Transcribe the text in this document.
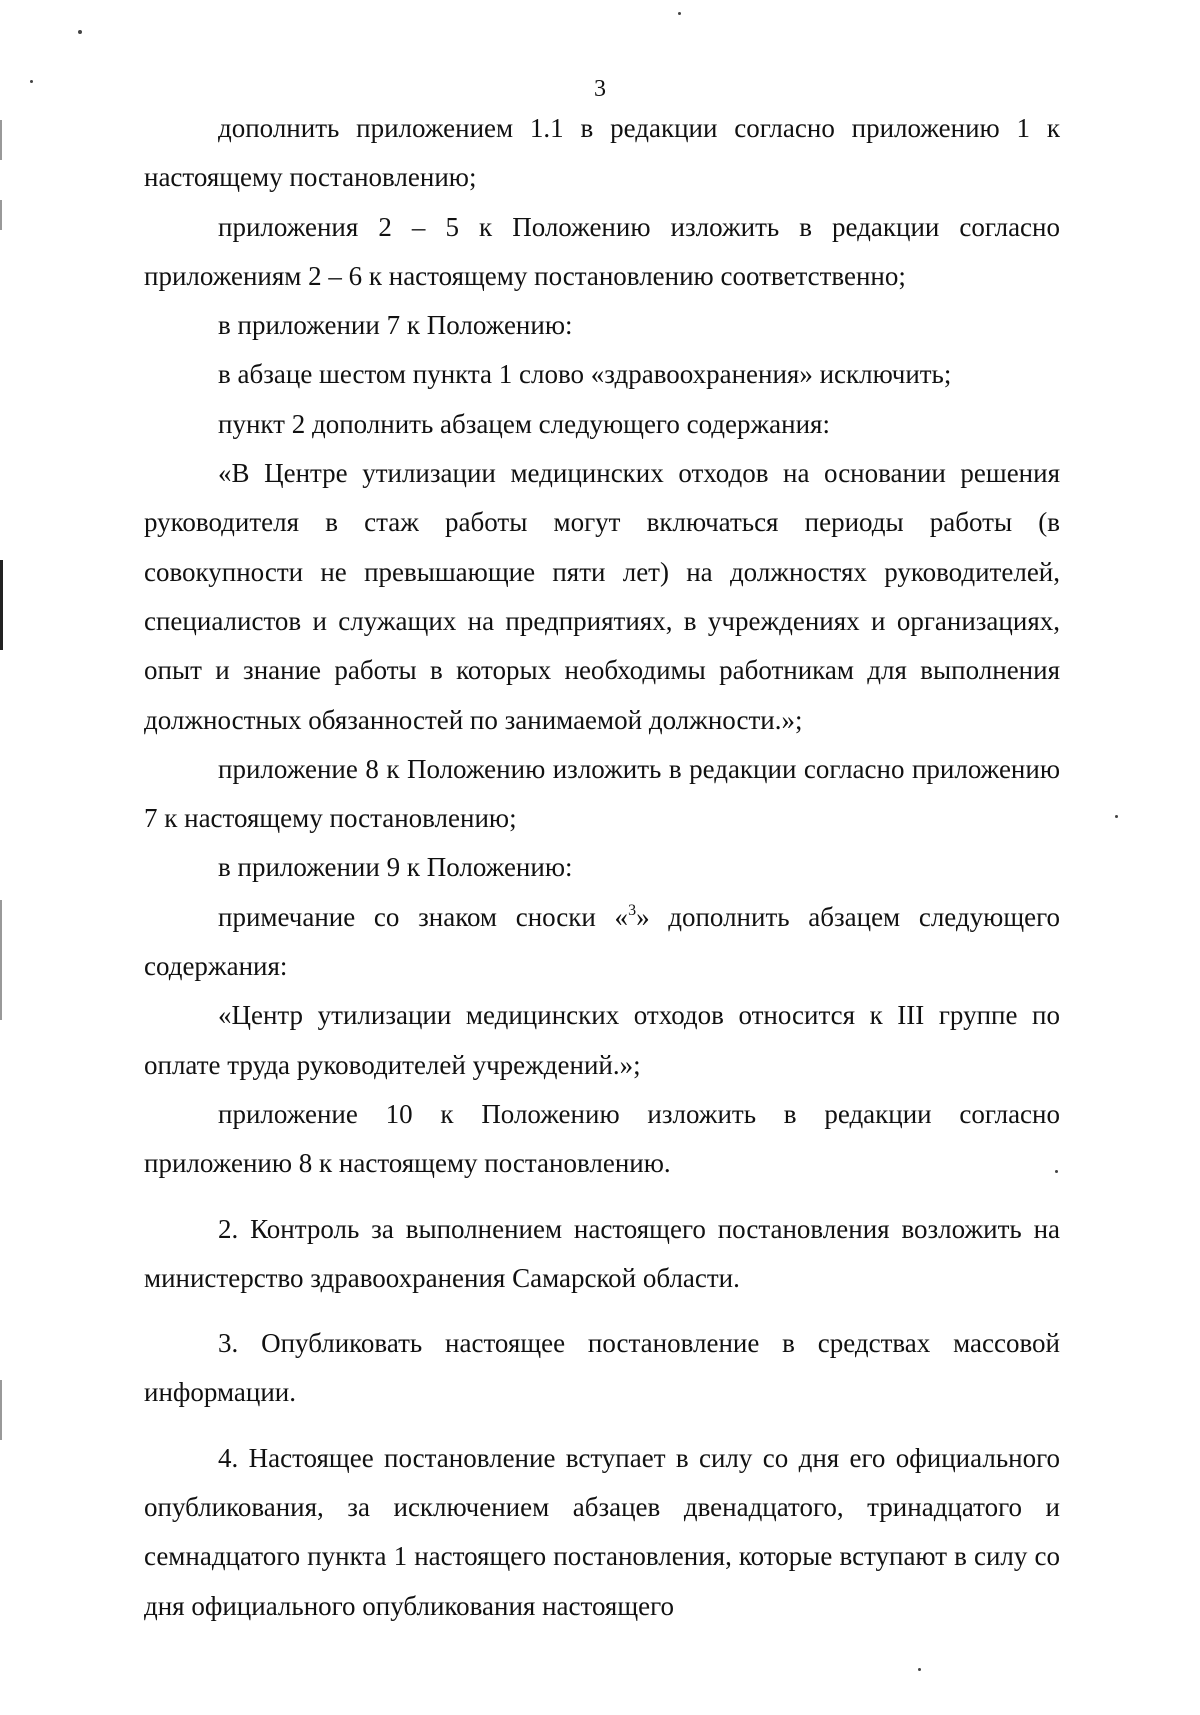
3

дополнить приложением 1.1 в редакции согласно приложению 1 к настоящему постановлению;

приложения 2 – 5 к Положению изложить в редакции согласно приложениям 2 – 6 к настоящему постановлению соответственно;

в приложении 7 к Положению:

в абзаце шестом пункта 1 слово «здравоохранения» исключить;

пункт 2 дополнить абзацем следующего содержания:

«В Центре утилизации медицинских отходов на основании решения руководителя в стаж работы могут включаться периоды работы (в совокупности не превышающие пяти лет) на должностях руководителей, специалистов и служащих на предприятиях, в учреждениях и организациях, опыт и знание работы в которых необходимы работникам для выполнения должностных обязанностей по занимаемой должности.»;

приложение 8 к Положению изложить в редакции согласно приложению 7 к настоящему постановлению;

в приложении 9 к Положению:

примечание со знаком сноски «$^3$» дополнить абзацем следующего содержания:

«Центр утилизации медицинских отходов относится к III группе по оплате труда руководителей учреждений.»;

приложение 10 к Положению изложить в редакции согласно приложению 8 к настоящему постановлению.

2. Контроль за выполнением настоящего постановления возложить на министерство здравоохранения Самарской области.

3. Опубликовать настоящее постановление в средствах массовой информации.

4. Настоящее постановление вступает в силу со дня его официального опубликования, за исключением абзацев двенадцатого, тринадцатого и семнадцатого пункта 1 настоящего постановления, которые вступают в силу со дня официального опубликования настоящего
